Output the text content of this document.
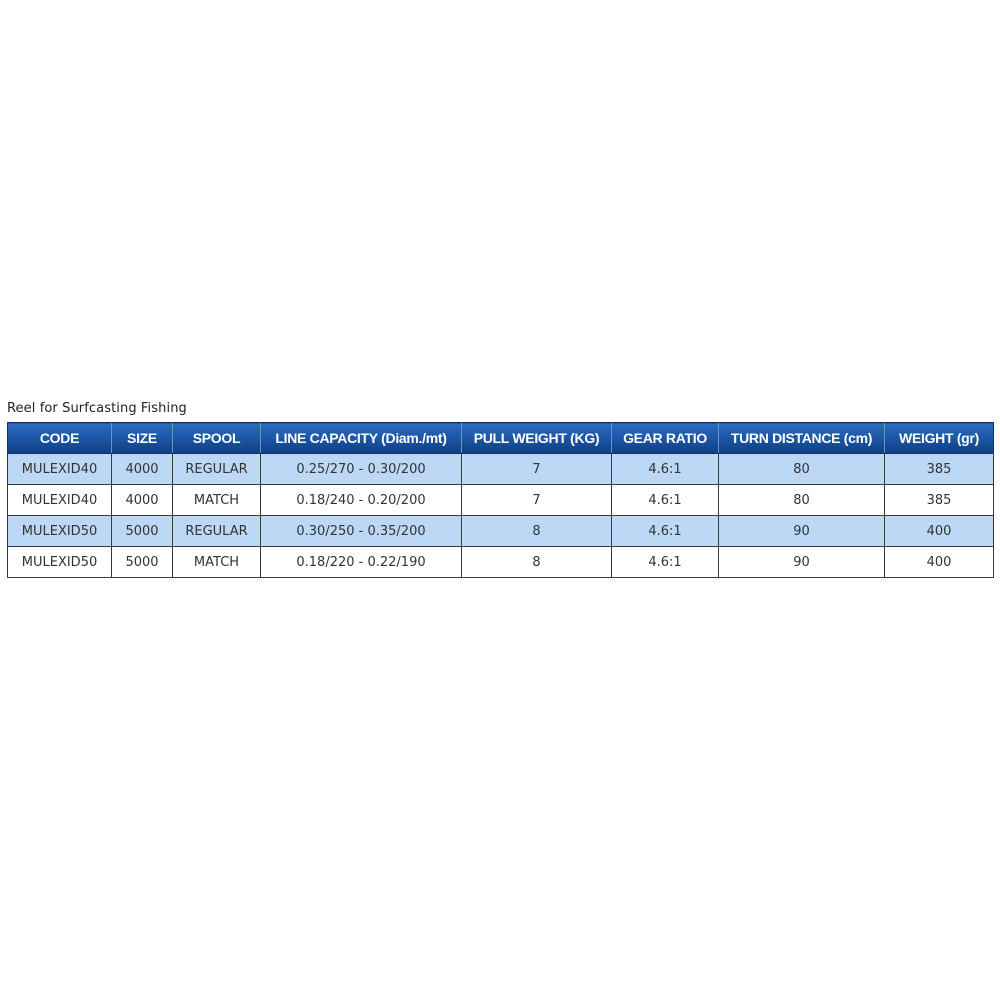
Reel for Surfcasting Fishing
CODE	SIZE	SPOOL	LINE CAPACITY (Diam./mt)	PULL WEIGHT (KG)	GEAR RATIO	TURN DISTANCE (cm)	WEIGHT (gr)
MULEXID40	4000	REGULAR	0.25/270 - 0.30/200	7	4.6:1	80	385
MULEXID40	4000	MATCH	0.18/240 - 0.20/200	7	4.6:1	80	385
MULEXID50	5000	REGULAR	0.30/250 - 0.35/200	8	4.6:1	90	400
MULEXID50	5000	MATCH	0.18/220 - 0.22/190	8	4.6:1	90	400
